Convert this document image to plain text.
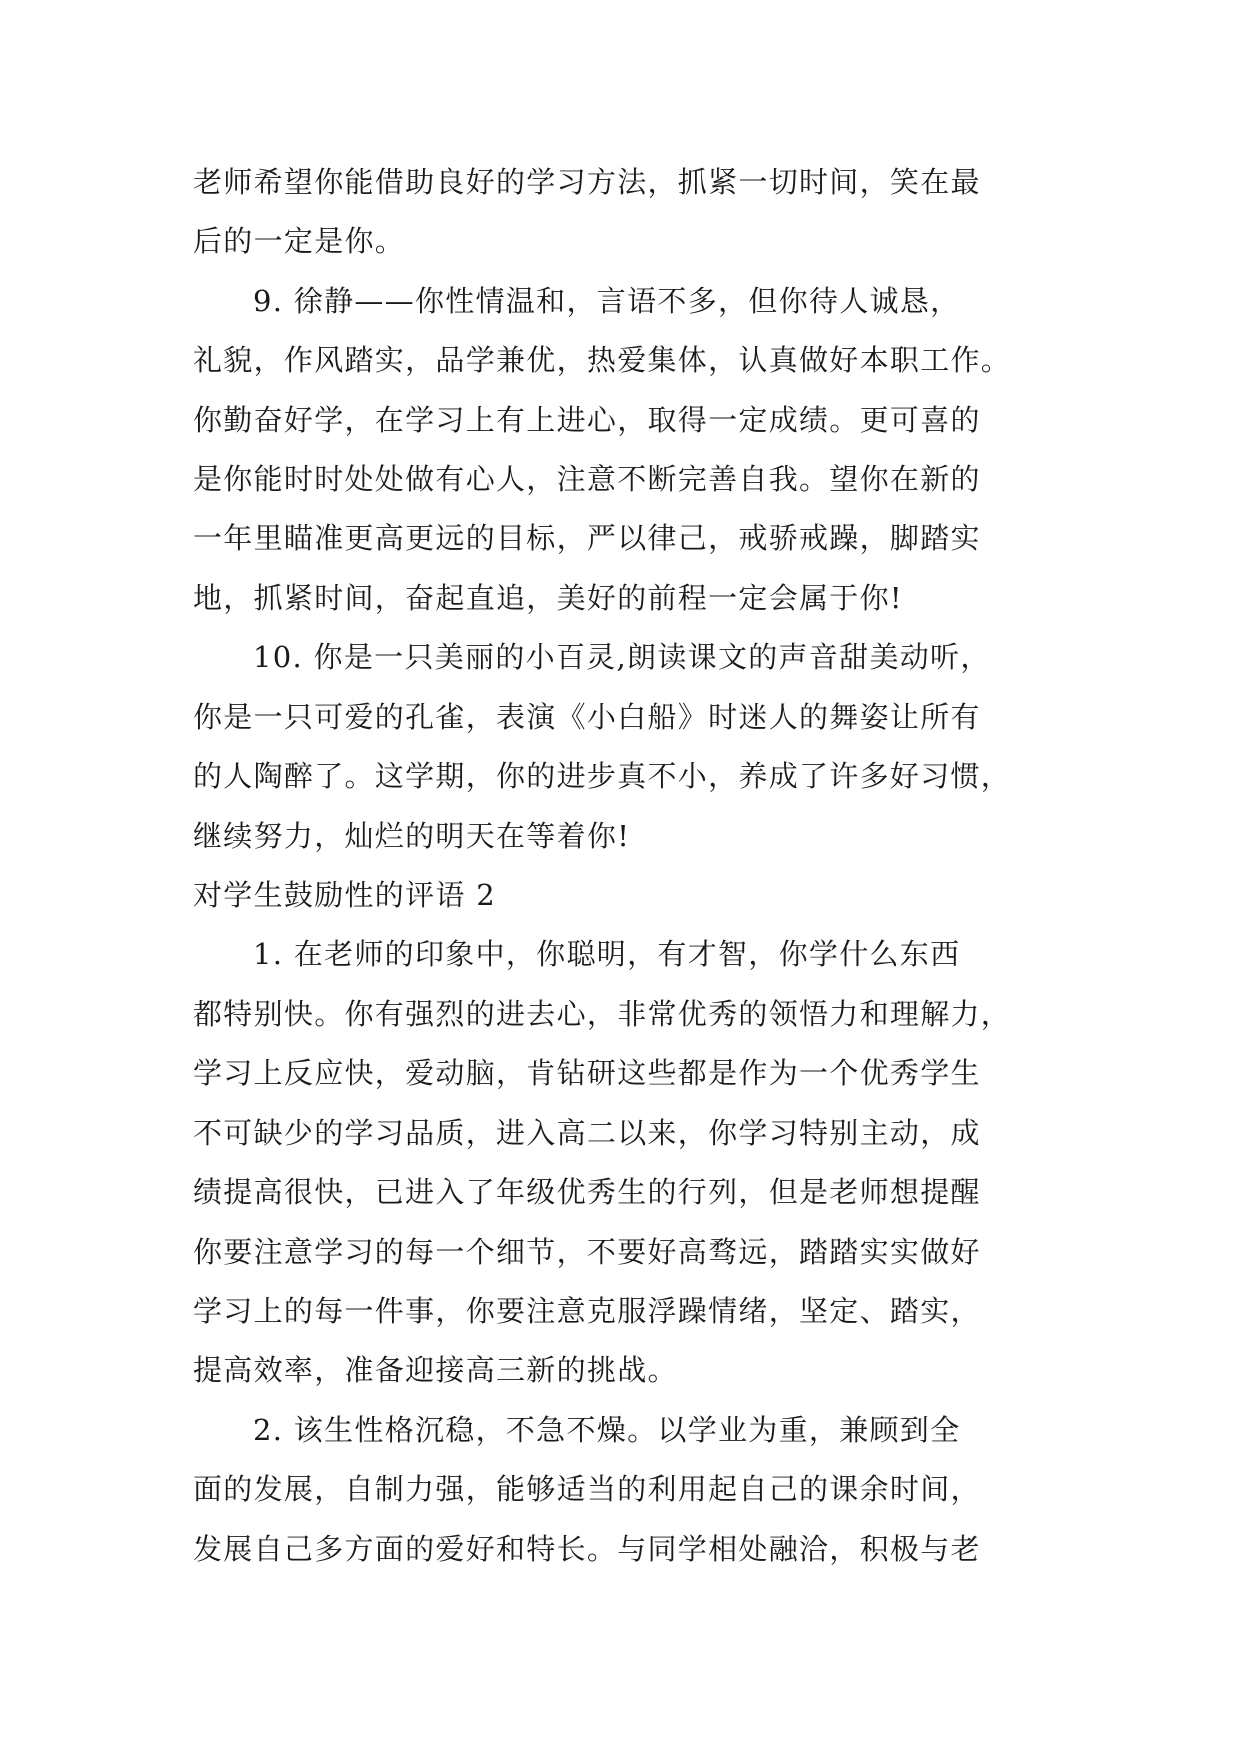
老师希望你能借助良好的学习方法，抓紧一切时间，笑在最
后的一定是你。
9. 徐静——你性情温和，言语不多，但你待人诚恳，
礼貌，作风踏实，品学兼优，热爱集体，认真做好本职工作。
你勤奋好学，在学习上有上进心，取得一定成绩。更可喜的
是你能时时处处做有心人，注意不断完善自我。望你在新的
一年里瞄准更高更远的目标，严以律己，戒骄戒躁，脚踏实
地，抓紧时间，奋起直追，美好的前程一定会属于你!
10. 你是一只美丽的小百灵,朗读课文的声音甜美动听，
你是一只可爱的孔雀，表演《小白船》时迷人的舞姿让所有
的人陶醉了。这学期，你的进步真不小，养成了许多好习惯，
继续努力，灿烂的明天在等着你!
对学生鼓励性的评语 2
1. 在老师的印象中，你聪明，有才智，你学什么东西
都特别快。你有强烈的进去心，非常优秀的领悟力和理解力，
学习上反应快，爱动脑，肯钻研这些都是作为一个优秀学生
不可缺少的学习品质，进入高二以来，你学习特别主动，成
绩提高很快，已进入了年级优秀生的行列，但是老师想提醒
你要注意学习的每一个细节，不要好高骛远，踏踏实实做好
学习上的每一件事，你要注意克服浮躁情绪，坚定、踏实，
提高效率，准备迎接高三新的挑战。
2. 该生性格沉稳，不急不燥。以学业为重，兼顾到全
面的发展，自制力强，能够适当的利用起自己的课余时间，
发展自己多方面的爱好和特长。与同学相处融洽，积极与老
